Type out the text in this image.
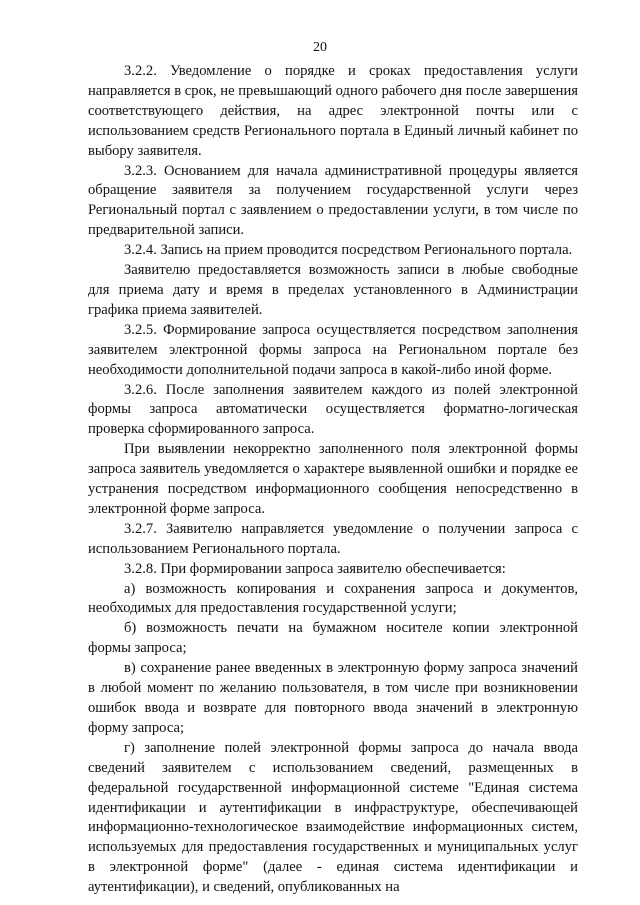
20

3.2.2. Уведомление о порядке и сроках предоставления услуги направляется в срок, не превышающий одного рабочего дня после завершения соответствующего действия, на адрес электронной почты или с использованием средств Регионального портала в Единый личный кабинет по выбору заявителя.

3.2.3. Основанием для начала административной процедуры является обращение заявителя за получением государственной услуги через Региональный портал с заявлением о предоставлении услуги, в том числе по предварительной записи.

3.2.4. Запись на прием проводится посредством Регионального портала.

Заявителю предоставляется возможность записи в любые свободные для приема дату и время в пределах установленного в Администрации графика приема заявителей.

3.2.5. Формирование запроса осуществляется посредством заполнения заявителем электронной формы запроса на Региональном портале без необходимости дополнительной подачи запроса в какой-либо иной форме.

3.2.6. После заполнения заявителем каждого из полей электронной формы запроса автоматически осуществляется форматно-логическая проверка сформированного запроса.

При выявлении некорректно заполненного поля электронной формы запроса заявитель уведомляется о характере выявленной ошибки и порядке ее устранения посредством информационного сообщения непосредственно в электронной форме запроса.

3.2.7. Заявителю направляется уведомление о получении запроса с использованием Регионального портала.

3.2.8. При формировании запроса заявителю обеспечивается:

а) возможность копирования и сохранения запроса и документов, необходимых для предоставления государственной услуги;

б) возможность печати на бумажном носителе копии электронной формы запроса;

в) сохранение ранее введенных в электронную форму запроса значений в любой момент по желанию пользователя, в том числе при возникновении ошибок ввода и возврате для повторного ввода значений в электронную форму запроса;

г) заполнение полей электронной формы запроса до начала ввода сведений заявителем с использованием сведений, размещенных в федеральной государственной информационной системе "Единая система идентификации и аутентификации в инфраструктуре, обеспечивающей информационно-технологическое взаимодействие информационных систем, используемых для предоставления государственных и муниципальных услуг в электронной форме" (далее - единая система идентификации и аутентификации), и сведений, опубликованных на
